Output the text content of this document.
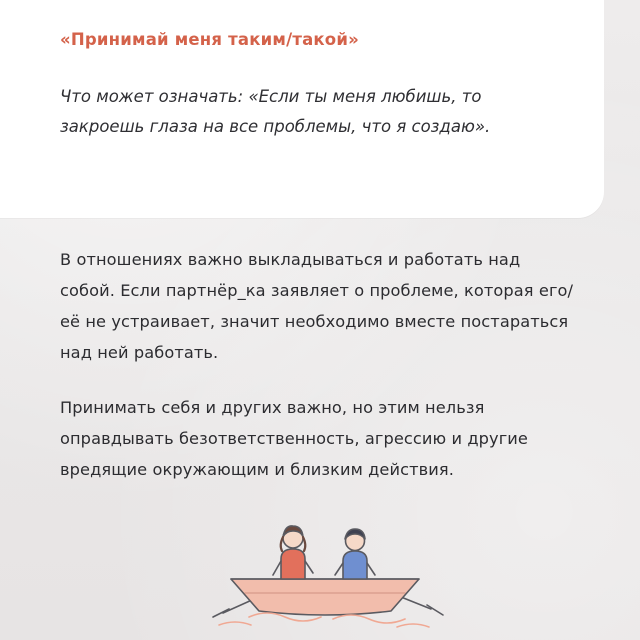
«Принимай меня таким/такой»
Что может означать: «Если ты меня любишь, то закроешь глаза на все проблемы, что я создаю».
В отношениях важно выкладываться и работать над собой. Если партнёр_ка заявляет о проблеме, которая его/её не устраивает, значит необходимо вместе постараться над ней работать.
Принимать себя и других важно, но этим нельзя оправдывать безответственность, агрессию и другие вредящие окружающим и близким действия.
